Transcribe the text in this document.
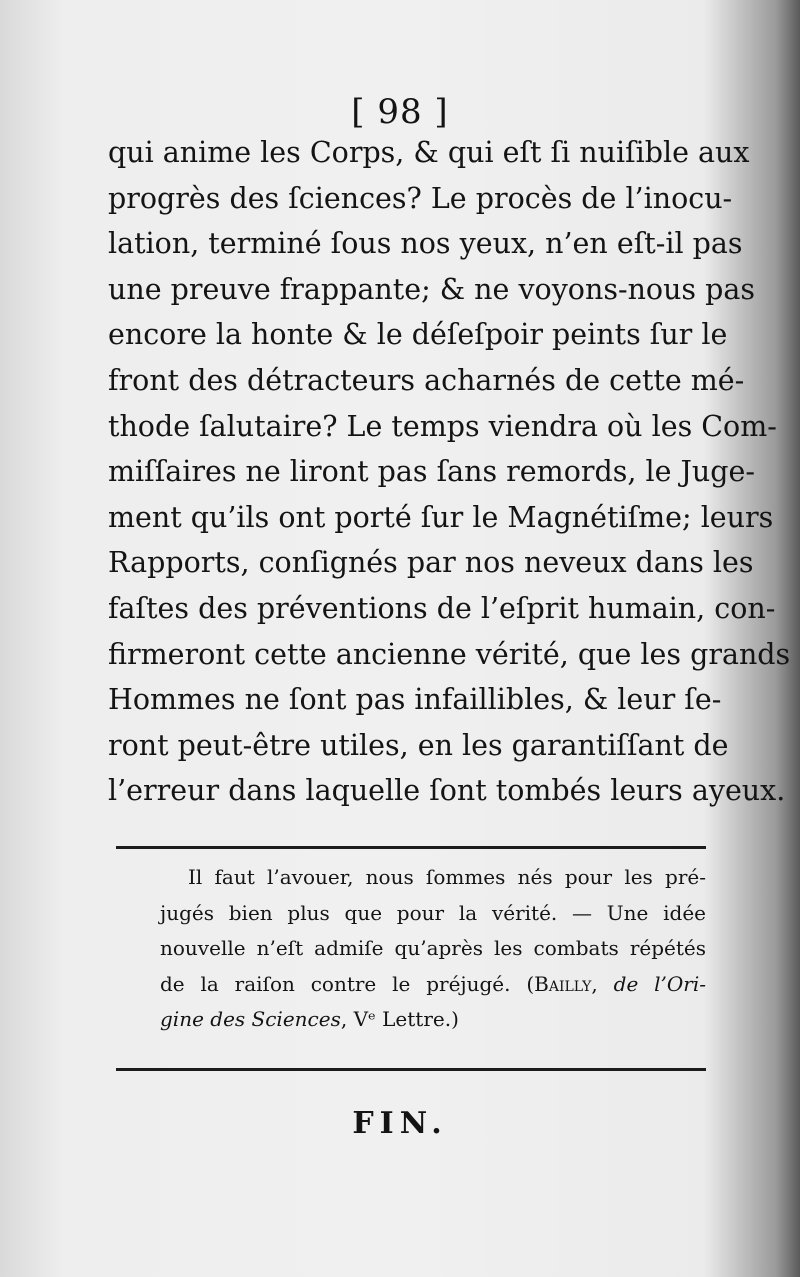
[ 98 ]
qui anime les Corps, & qui eſt ſi nuiſible aux
progrès des ſciences? Le procès de l’inocu-
lation, terminé ſous nos yeux, n’en eſt-il pas
une preuve frappante; & ne voyons-nous pas
encore la honte & le déſeſpoir peints ſur le
front des détracteurs acharnés de cette mé-
thode ſalutaire? Le temps viendra où les Com-
miſſaires ne liront pas ſans remords, le Juge-
ment qu’ils ont porté ſur le Magnétiſme; leurs
Rapports, conſignés par nos neveux dans les
faſtes des préventions de l’eſprit humain, con-
firmeront cette ancienne vérité, que les grands
Hommes ne ſont pas infaillibles, & leur ſe-
ront peut-être utiles, en les garantiſſant de
l’erreur dans laquelle ſont tombés leurs ayeux.
Il faut l’avouer, nous ſommes nés pour les pré-
jugés bien plus que pour la vérité. — Une idée
nouvelle n’eſt admiſe qu’après les combats répétés
de la raiſon contre le préjugé. (Bailly, de l’Ori-
gine des Sciences, Vᵉ Lettre.)
FIN.
